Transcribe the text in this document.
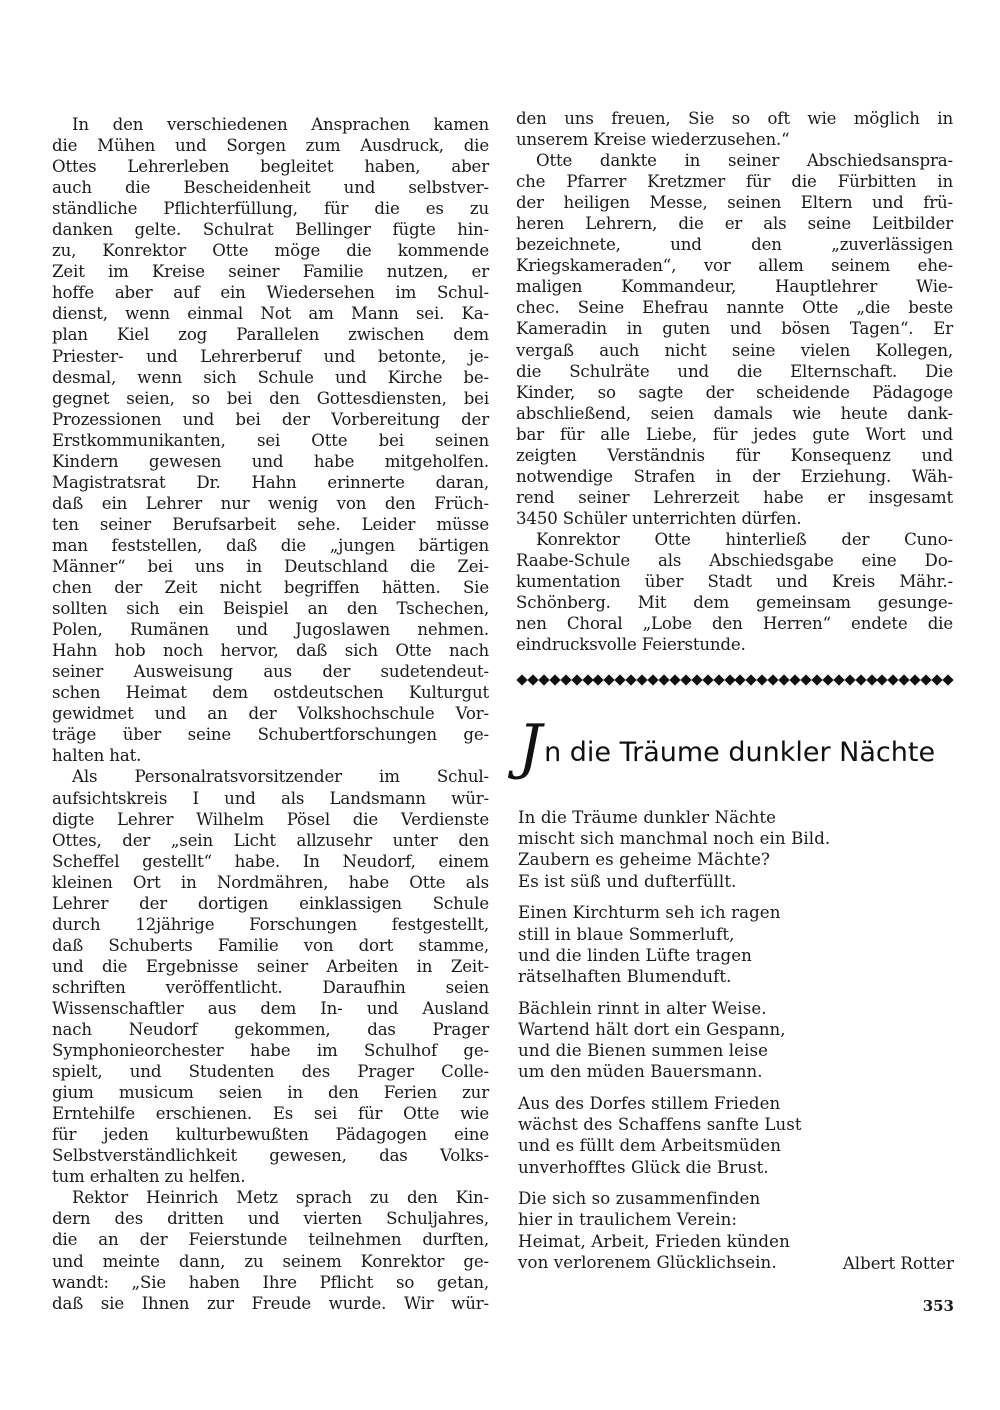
In den verschiedenen Ansprachen kamen
die Mühen und Sorgen zum Ausdruck, die
Ottes Lehrerleben begleitet haben, aber
auch die Bescheidenheit und selbstver-
ständliche Pflichterfüllung, für die es zu
danken gelte. Schulrat Bellinger fügte hin-
zu, Konrektor Otte möge die kommende
Zeit im Kreise seiner Familie nutzen, er
hoffe aber auf ein Wiedersehen im Schul-
dienst, wenn einmal Not am Mann sei. Ka-
plan Kiel zog Parallelen zwischen dem
Priester- und Lehrerberuf und betonte, je-
desmal, wenn sich Schule und Kirche be-
gegnet seien, so bei den Gottesdiensten, bei
Prozessionen und bei der Vorbereitung der
Erstkommunikanten, sei Otte bei seinen
Kindern gewesen und habe mitgeholfen.
Magistratsrat Dr. Hahn erinnerte daran,
daß ein Lehrer nur wenig von den Früch-
ten seiner Berufsarbeit sehe. Leider müsse
man feststellen, daß die „jungen bärtigen
Männer“ bei uns in Deutschland die Zei-
chen der Zeit nicht begriffen hätten. Sie
sollten sich ein Beispiel an den Tschechen,
Polen, Rumänen und Jugoslawen nehmen.
Hahn hob noch hervor, daß sich Otte nach
seiner Ausweisung aus der sudetendeut-
schen Heimat dem ostdeutschen Kulturgut
gewidmet und an der Volkshochschule Vor-
träge über seine Schubertforschungen ge-
halten hat.
Als Personalratsvorsitzender im Schul-
aufsichtskreis I und als Landsmann wür-
digte Lehrer Wilhelm Pösel die Verdienste
Ottes, der „sein Licht allzusehr unter den
Scheffel gestellt“ habe. In Neudorf, einem
kleinen Ort in Nordmähren, habe Otte als
Lehrer der dortigen einklassigen Schule
durch 12jährige Forschungen festgestellt,
daß Schuberts Familie von dort stamme,
und die Ergebnisse seiner Arbeiten in Zeit-
schriften veröffentlicht. Daraufhin seien
Wissenschaftler aus dem In- und Ausland
nach Neudorf gekommen, das Prager
Symphonieorchester habe im Schulhof ge-
spielt, und Studenten des Prager Colle-
gium musicum seien in den Ferien zur
Erntehilfe erschienen. Es sei für Otte wie
für jeden kulturbewußten Pädagogen eine
Selbstverständlichkeit gewesen, das Volks-
tum erhalten zu helfen.
Rektor Heinrich Metz sprach zu den Kin-
dern des dritten und vierten Schuljahres,
die an der Feierstunde teilnehmen durften,
und meinte dann, zu seinem Konrektor ge-
wandt: „Sie haben Ihre Pflicht so getan,
daß sie Ihnen zur Freude wurde. Wir wür-
den uns freuen, Sie so oft wie möglich in
unserem Kreise wiederzusehen.“
Otte dankte in seiner Abschiedsanspra-
che Pfarrer Kretzmer für die Fürbitten in
der heiligen Messe, seinen Eltern und frü-
heren Lehrern, die er als seine Leitbilder
bezeichnete, und den „zuverlässigen
Kriegskameraden“, vor allem seinem ehe-
maligen Kommandeur, Hauptlehrer Wie-
chec. Seine Ehefrau nannte Otte „die beste
Kameradin in guten und bösen Tagen“. Er
vergaß auch nicht seine vielen Kollegen,
die Schulräte und die Elternschaft. Die
Kinder, so sagte der scheidende Pädagoge
abschließend, seien damals wie heute dank-
bar für alle Liebe, für jedes gute Wort und
zeigten Verständnis für Konsequenz und
notwendige Strafen in der Erziehung. Wäh-
rend seiner Lehrerzeit habe er insgesamt
3450 Schüler unterrichten dürfen.
Konrektor Otte hinterließ der Cuno-
Raabe-Schule als Abschiedsgabe eine Do-
kumentation über Stadt und Kreis Mähr.-
Schönberg. Mit dem gemeinsam gesunge-
nen Choral „Lobe den Herren“ endete die
eindrucksvolle Feierstunde.
Jn die Träume dunkler Nächte
In die Träume dunkler Nächte
mischt sich manchmal noch ein Bild.
Zaubern es geheime Mächte?
Es ist süß und dufterfüllt.
Einen Kirchturm seh ich ragen
still in blaue Sommerluft,
und die linden Lüfte tragen
rätselhaften Blumenduft.
Bächlein rinnt in alter Weise.
Wartend hält dort ein Gespann,
und die Bienen summen leise
um den müden Bauersmann.
Aus des Dorfes stillem Frieden
wächst des Schaffens sanfte Lust
und es füllt dem Arbeitsmüden
unverhofftes Glück die Brust.
Die sich so zusammenfinden
hier in traulichem Verein:
Heimat, Arbeit, Frieden künden
von verlorenem Glücklichsein.	Albert Rotter
353
